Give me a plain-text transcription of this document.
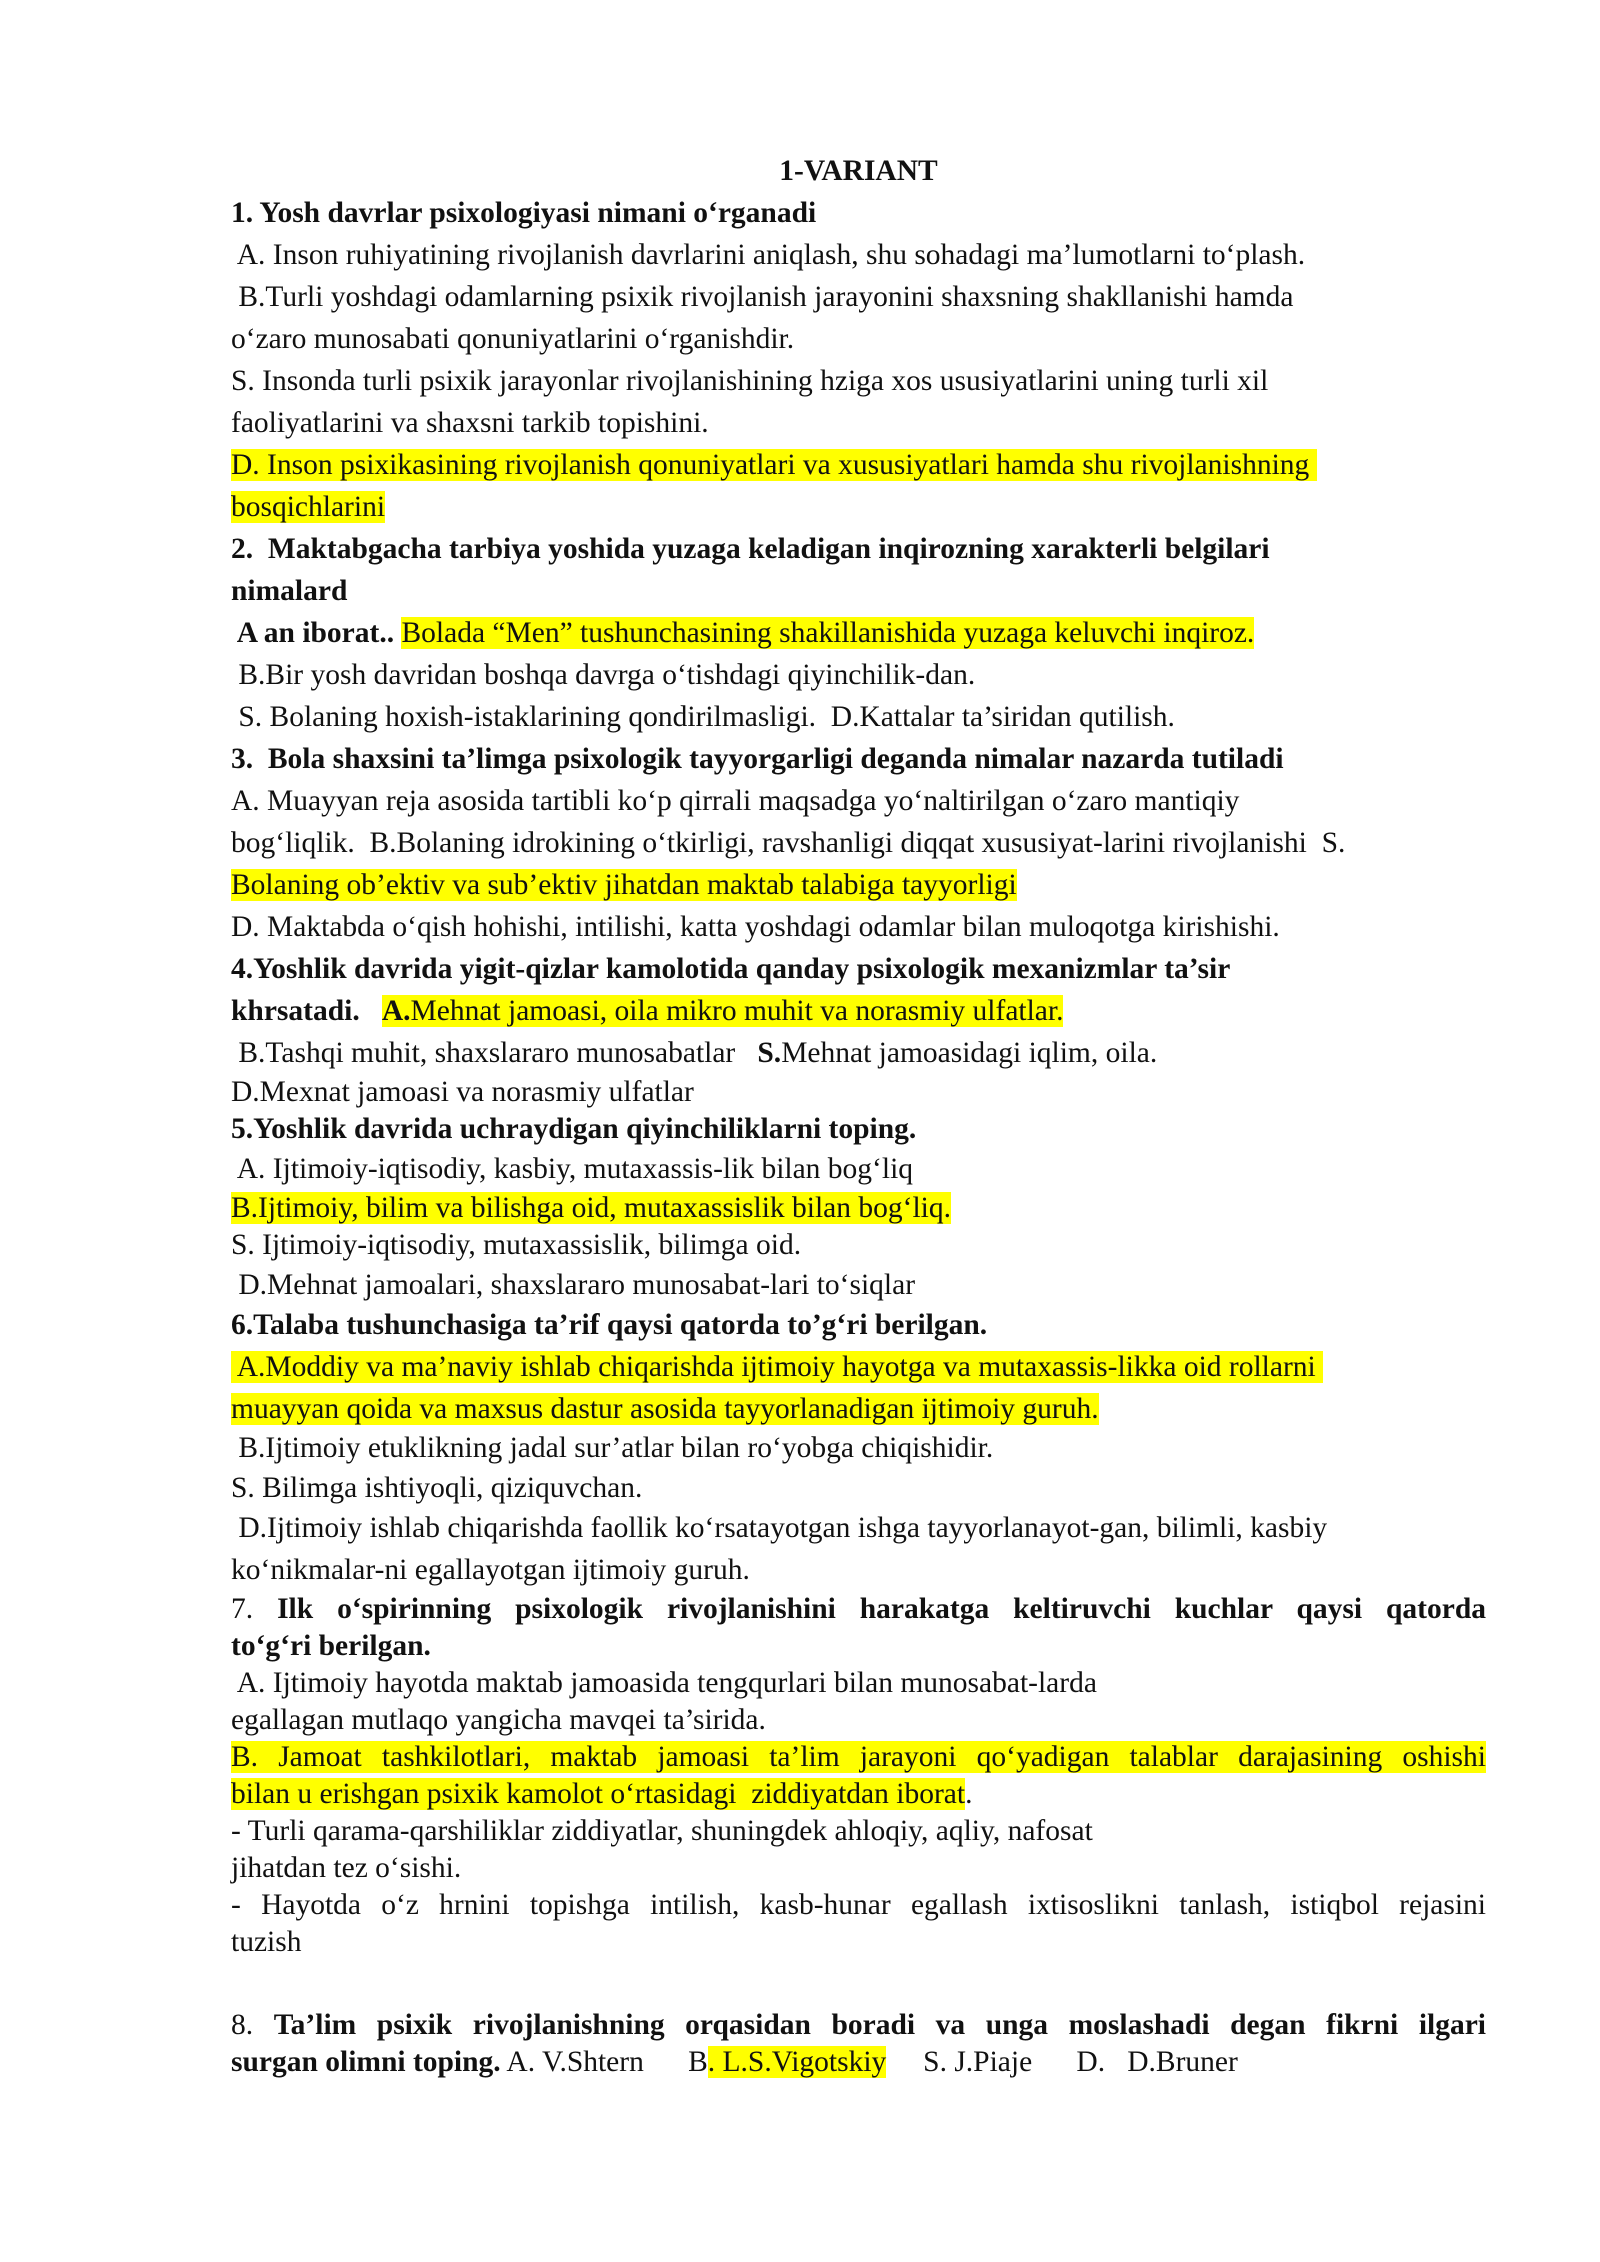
1-VARIANT
1. Yosh davrlar psixologiyasi nimani o‘rganadi
A. Inson ruhiyatining rivojlanish davrlarini aniqlash, shu sohadagi ma’lumotlarni to‘plash.
B.Turli yoshdagi odamlarning psixik rivojlanish jarayonini shaxsning shakllanishi hamda
o‘zaro munosabati qonuniyatlarini o‘rganishdir.
S. Insonda turli psixik jarayonlar rivojlanishining hziga xos ususiyatlarini uning turli xil
faoliyatlarini va shaxsni tarkib topishini.
D. Inson psixikasining rivojlanish qonuniyatlari va xususiyatlari hamda shu rivojlanishning
bosqichlarini
2.  Maktabgacha tarbiya yoshida yuzaga keladigan inqirozning xarakterli belgilari
nimalard
A an iborat.. Bolada “Men” tushunchasining shakillanishida yuzaga keluvchi inqiroz.
B.Bir yosh davridan boshqa davrga o‘tishdagi qiyinchilik-dan.
S. Bolaning hoxish-istaklarining qondirilmasligi.  D.Kattalar ta’siridan qutilish.
3.  Bola shaxsini ta’limga psixologik tayyorgarligi deganda nimalar nazarda tutiladi
A. Muayyan reja asosida tartibli ko‘p qirrali maqsadga yo‘naltirilgan o‘zaro mantiqiy
bog‘liqlik.  B.Bolaning idrokining o‘tkirligi, ravshanligi diqqat xususiyat-larini rivojlanishi  S.
Bolaning ob’ektiv va sub’ektiv jihatdan maktab talabiga tayyorligi
D. Maktabda o‘qish hohishi, intilishi, katta yoshdagi odamlar bilan muloqotga kirishishi.
4.Yoshlik davrida yigit-qizlar kamolotida qanday psixologik mexanizmlar ta’sir
khrsatadi. A.Mehnat jamoasi, oila mikro muhit va norasmiy ulfatlar.
B.Tashqi muhit, shaxslararo munosabatlar   S.Mehnat jamoasidagi iqlim, oila.
D.Mexnat jamoasi va norasmiy ulfatlar
5.Yoshlik davrida uchraydigan qiyinchiliklarni toping.
A. Ijtimoiy-iqtisodiy, kasbiy, mutaxassis-lik bilan bog‘liq
B.Ijtimoiy, bilim va bilishga oid, mutaxassislik bilan bog‘liq.
S. Ijtimoiy-iqtisodiy, mutaxassislik, bilimga oid.
D.Mehnat jamoalari, shaxslararo munosabat-lari to‘siqlar
6.Talaba tushunchasiga ta’rif qaysi qatorda to’g‘ri berilgan.
A.Moddiy va ma’naviy ishlab chiqarishda ijtimoiy hayotga va mutaxassis-likka oid rollarni
muayyan qoida va maxsus dastur asosida tayyorlanadigan ijtimoiy guruh.
B.Ijtimoiy etuklikning jadal sur’atlar bilan ro‘yobga chiqishidir.
S. Bilimga ishtiyoqli, qiziquvchan.
D.Ijtimoiy ishlab chiqarishda faollik ko‘rsatayotgan ishga tayyorlanayot-gan, bilimli, kasbiy
ko‘nikmalar-ni egallayotgan ijtimoiy guruh.
7. Ilk o‘spirinning psixologik rivojlanishini harakatga keltiruvchi kuchlar qaysi qatorda
to‘g‘ri berilgan.
A. Ijtimoiy hayotda maktab jamoasida tengqurlari bilan munosabat-larda
egallagan mutlaqo yangicha mavqei ta’sirida.
B. Jamoat tashkilotlari, maktab jamoasi ta’lim jarayoni qo‘yadigan talablar darajasining oshishi
bilan u erishgan psixik kamolot o‘rtasidagi  ziddiyatdan iborat.
- Turli qarama-qarshiliklar ziddiyatlar, shuningdek ahloqiy, aqliy, nafosat
jihatdan tez o‘sishi.
- Hayotda o‘z hrnini topishga intilish, kasb-hunar egallash ixtisoslikni tanlash, istiqbol rejasini
tuzish
8. Ta’lim psixik rivojlanishning orqasidan boradi va unga moslashadi degan fikrni ilgari
surgan olimni toping. A. V.Shtern      B. L.S.Vigotskiy     S. J.Piaje      D.   D.Bruner
